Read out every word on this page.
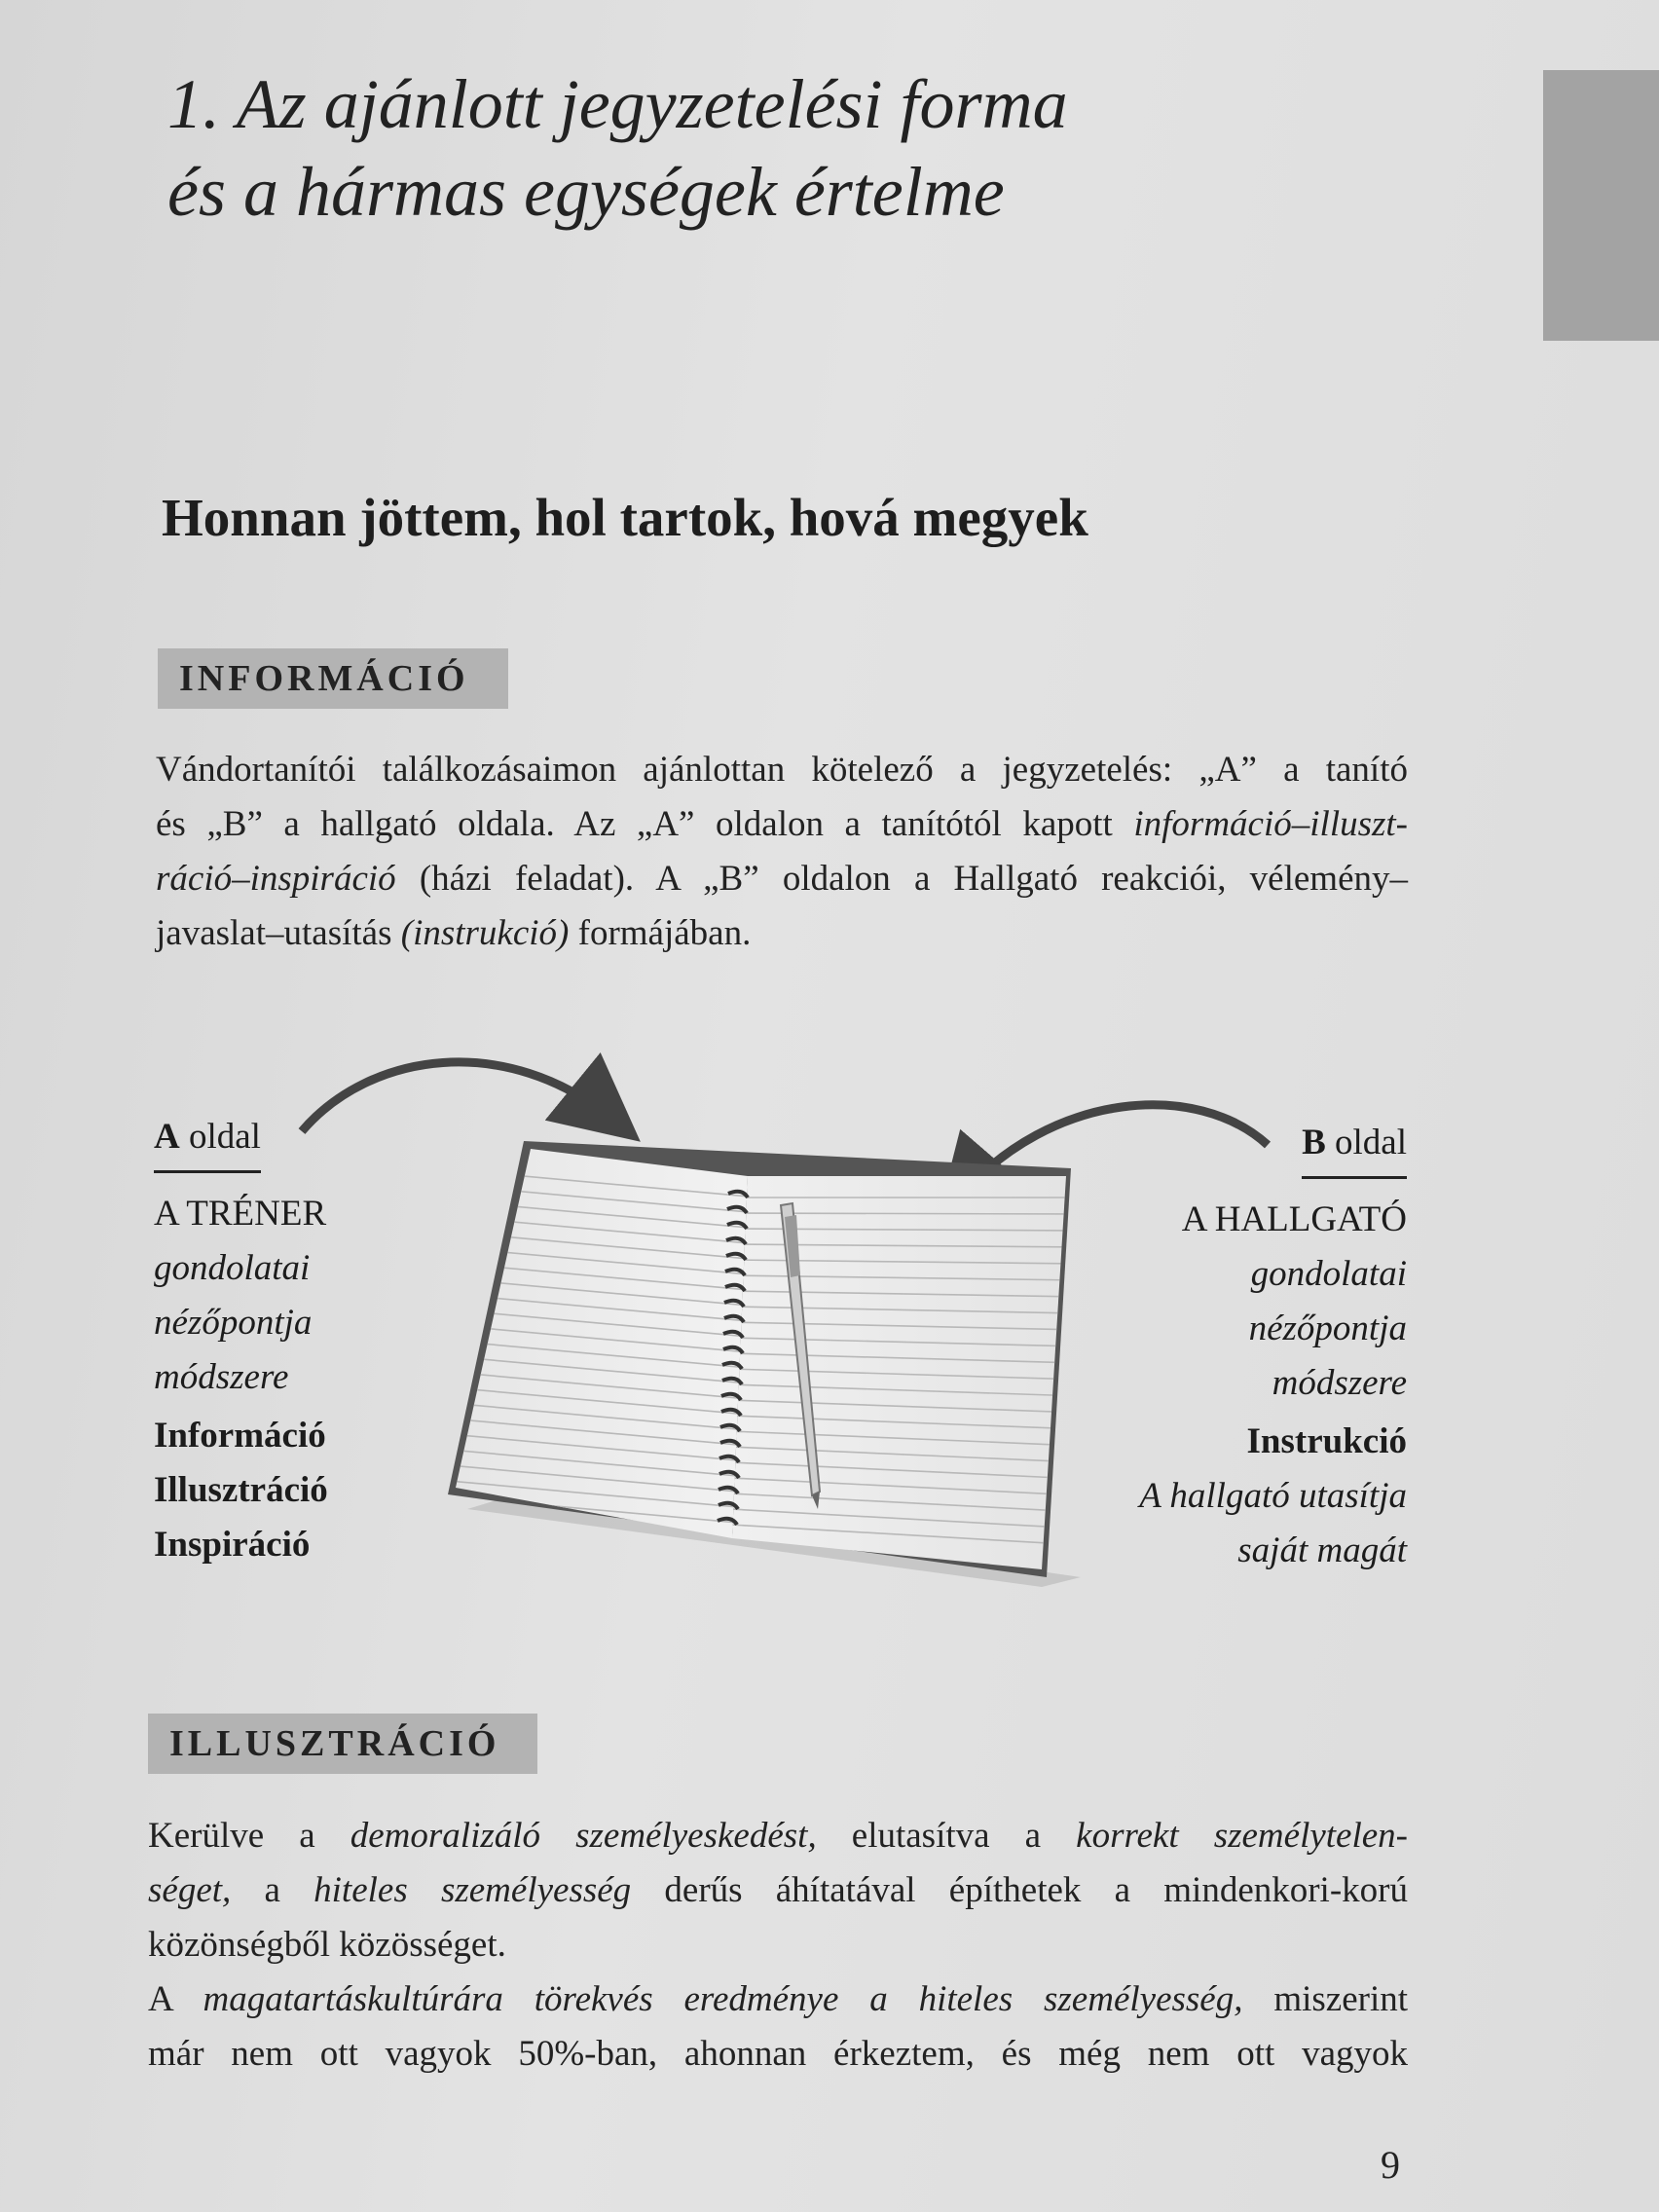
1. Az ajánlott jegyzetelési forma
és a hármas egységek értelme
Honnan jöttem, hol tartok, hová megyek
INFORMÁCIÓ

Vándortanítói találkozásaimon ajánlottan kötelező a jegyzetelés: „A” a tanító
és „B” a hallgató oldala. Az „A” oldalon a tanítótól kapott információ–illuszt-
ráció–inspiráció (házi feladat). A „B” oldalon a Hallgató reakciói, vélemény–
javaslat–utasítás (instrukció) formájában.

A oldal
A TRÉNER
gondolatai
nézőpontja
módszere
Információ
Illusztráció
Inspiráció
B oldal
A HALLGATÓ
gondolatai
nézőpontja
módszere
Instrukció
A hallgató utasítja
saját magát
ILLUSZTRÁCIÓ

Kerülve a demoralizáló személyeskedést, elutasítva a korrekt személytelen-
séget, a hiteles személyesség derűs áhítatával építhetek a mindenkori-korú
közönségből közösséget.
A magatartáskultúrára törekvés eredménye a hiteles személyesség, miszerint
már nem ott vagyok 50%-ban, ahonnan érkeztem, és még nem ott vagyok

9
